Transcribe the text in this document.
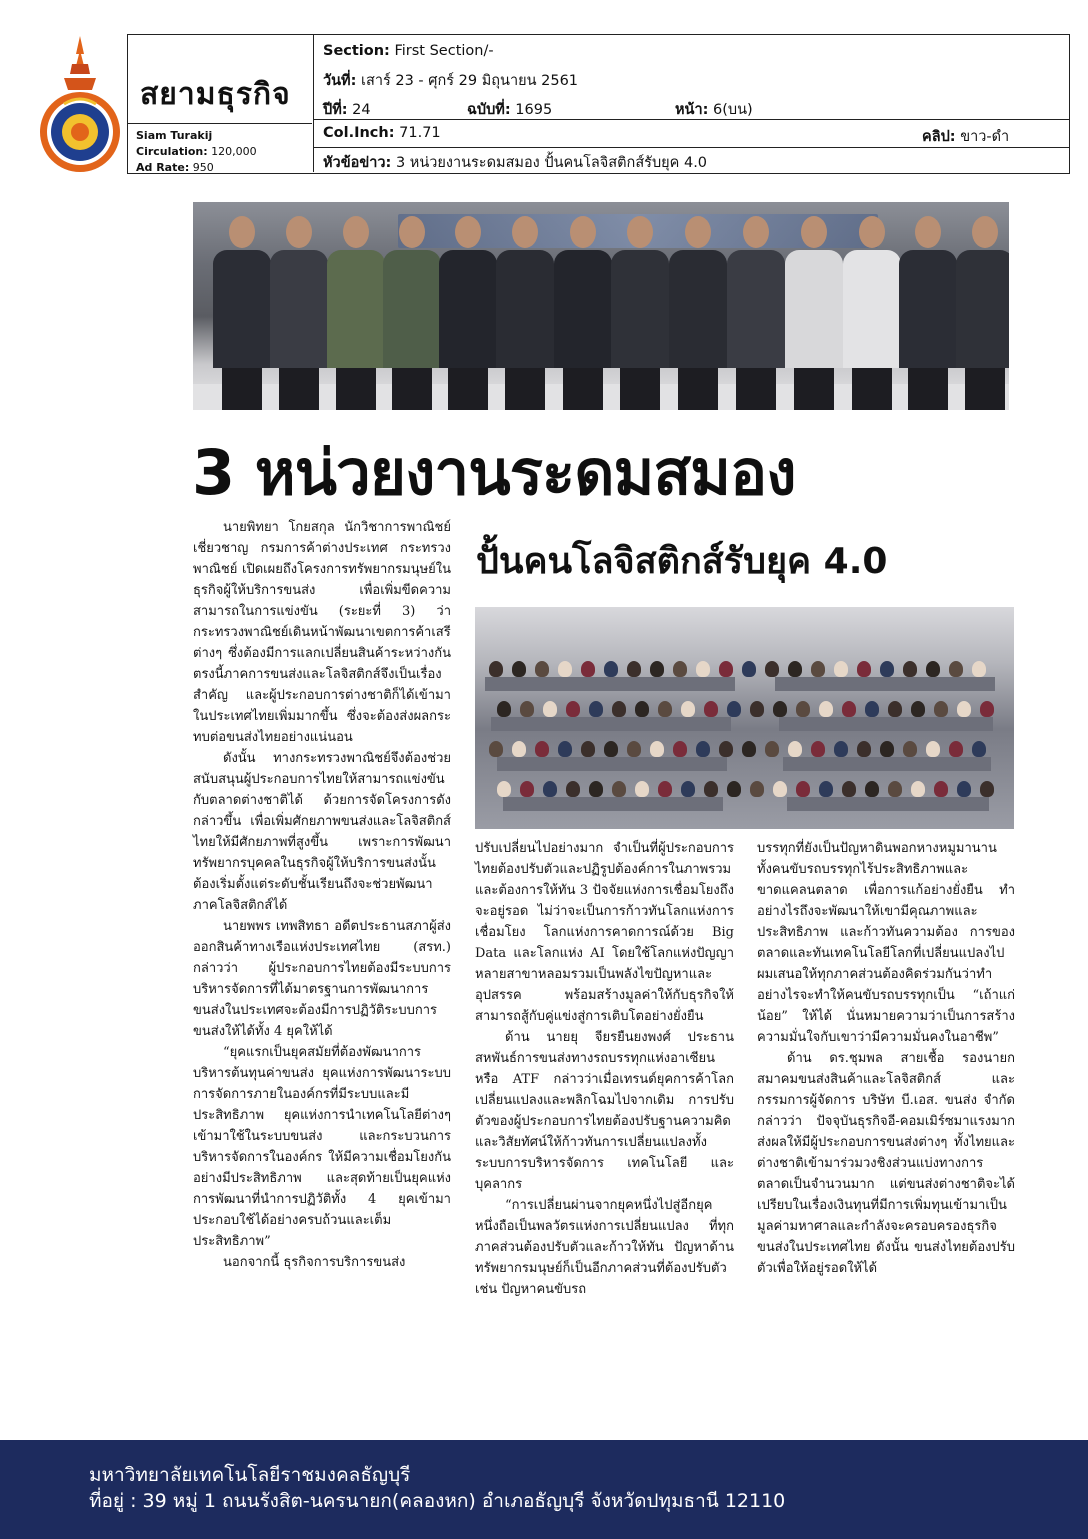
สยามธุรกิจ
Siam Turakij
Circulation: 120,000
Ad Rate: 950
Section: First Section/-
วันที่: เสาร์ 23 - ศุกร์ 29 มิถุนายน 2561
ปีที่: 24	ฉบับที่: 1695	หน้า: 6(บน)
Col.Inch: 71.71	คลิป: ขาว-ดำ
หัวข้อข่าว: 3 หน่วยงานระดมสมอง ปั้นคนโลจิสติกส์รับยุค 4.0
3 หน่วยงานระดมสมอง
ปั้นคนโลจิสติกส์รับยุค 4.0

นายพิทยา โกยสกุล นักวิชาการพาณิชย์เชี่ยวชาญ กรมการค้าต่างประเทศ กระทรวงพาณิชย์ เปิดเผยถึงโครงการทรัพยากรมนุษย์ในธุรกิจผู้ให้บริการขนส่ง เพื่อเพิ่มขีดความสามารถในการแข่งขัน (ระยะที่ 3) ว่า กระทรวงพาณิชย์เดินหน้าพัฒนาเขตการค้าเสรีต่างๆ ซึ่งต้องมีการแลกเปลี่ยนสินค้าระหว่างกัน ตรงนี้ภาคการขนส่งและโลจิสติกส์จึงเป็นเรื่องสำคัญ และผู้ประกอบการต่างชาติก็ได้เข้ามาในประเทศไทยเพิ่มมากขึ้น ซึ่งจะต้องส่งผลกระทบต่อขนส่งไทยอย่างแน่นอน

ดังนั้น ทางกระทรวงพาณิชย์จึงต้องช่วยสนับสนุนผู้ประกอบการไทยให้สามารถแข่งขันกับตลาดต่างชาติได้ ด้วยการจัดโครงการดังกล่าวขึ้น เพื่อเพิ่มศักยภาพขนส่งและโลจิสติกส์ไทยให้มีศักยภาพที่สูงขึ้น เพราะการพัฒนาทรัพยากรบุคคลในธุรกิจผู้ให้บริการขนส่งนั้น ต้องเริ่มตั้งแต่ระดับชั้นเรียนถึงจะช่วยพัฒนาภาคโลจิสติกส์ได้

นายพพร เทพสิทธา อดีตประธานสภาผู้ส่งออกสินค้าทางเรือแห่งประเทศไทย (สรท.) กล่าวว่า ผู้ประกอบการไทยต้องมีระบบการบริหารจัดการที่ได้มาตรฐานการพัฒนาการขนส่งในประเทศจะต้องมีการปฏิวัติระบบการขนส่งให้ได้ทั้ง 4 ยุคให้ได้

“ยุคแรกเป็นยุคสมัยที่ต้องพัฒนาการบริหารต้นทุนค่าขนส่ง ยุคแห่งการพัฒนาระบบการจัดการภายในองค์กรที่มีระบบและมีประสิทธิภาพ ยุคแห่งการนำเทคโนโลยีต่างๆ เข้ามาใช้ในระบบขนส่ง และกระบวนการบริหารจัดการในองค์กร ให้มีความเชื่อมโยงกันอย่างมีประสิทธิภาพ และสุดท้ายเป็นยุคแห่งการพัฒนาที่นำการปฏิวัติทั้ง 4 ยุคเข้ามาประกอบใช้ได้อย่างครบถ้วนและเต็มประสิทธิภาพ”

นอกจากนี้ ธุรกิจการบริการขนส่ง

ปรับเปลี่ยนไปอย่างมาก จำเป็นที่ผู้ประกอบการไทยต้องปรับตัวและปฏิรูปต้องค์การในภาพรวม และต้องการให้ทัน 3 ปัจจัยแห่งการเชื่อมโยงถึงจะอยู่รอด ไม่ว่าจะเป็นการก้าวทันโลกแห่งการเชื่อมโยง โลกแห่งการคาดการณ์ด้วย Big Data และโลกแห่ง AI โดยใช้โลกแห่งปัญญาหลายสาขาหลอมรวมเป็นพลังไขปัญหาและอุปสรรค พร้อมสร้างมูลค่าให้กับธุรกิจให้สามารถสู้กับคู่แข่งสู่การเติบโตอย่างยั่งยืน

ด้าน นายยุ จียรยืนยงพงศ์ ประธานสหพันธ์การขนส่งทางรถบรรทุกแห่งอาเซียน หรือ ATF กล่าวว่าเมื่อเทรนด์ยุคการค้าโลกเปลี่ยนแปลงและพลิกโฉมไปจากเดิม การปรับตัวของผู้ประกอบการไทยต้องปรับฐานความคิดและวิสัยทัศน์ให้ก้าวทันการเปลี่ยนแปลงทั้งระบบการบริหารจัดการ เทคโนโลยี และบุคลากร

“การเปลี่ยนผ่านจากยุคหนึ่งไปสู่อีกยุคหนึ่งถือเป็นพลวัตรแห่งการเปลี่ยนแปลง ที่ทุกภาคส่วนต้องปรับตัวและก้าวให้ทัน ปัญหาด้านทรัพยากรมนุษย์ก็เป็นอีกภาคส่วนที่ต้องปรับตัว เช่น ปัญหาคนขับรถ

บรรทุกที่ยังเป็นปัญหาดินพอกหางหมูมานาน ทั้งคนขับรถบรรทุกไร้ประสิทธิภาพและขาดแคลนตลาด เพื่อการแก้อย่างยั่งยืน ทำอย่างไรถึงจะพัฒนาให้เขามีคุณภาพและประสิทธิภาพ และก้าวทันความต้อง การของตลาดและทันเทคโนโลยีโลกที่เปลี่ยนแปลงไป ผมเสนอให้ทุกภาคส่วนต้องคิดร่วมกันว่าทำอย่างไรจะทำให้คนขับรถบรรทุกเป็น “เถ้าแก่น้อย” ให้ได้ นั่นหมายความว่าเป็นการสร้างความมั่นใจกับเขาว่ามีความมั่นคงในอาชีพ”

ด้าน ดร.ชุมพล สายเชื้อ รองนายกสมาคมขนส่งสินค้าและโลจิสติกส์ และกรรมการผู้จัดการ บริษัท บี.เอส. ขนส่ง จำกัด กล่าวว่า ปัจจุบันธุรกิจอี-คอมเมิร์ซมาแรงมาก ส่งผลให้มีผู้ประกอบการขนส่งต่างๆ ทั้งไทยและต่างชาติเข้ามาร่วมวงชิงส่วนแบ่งทางการตลาดเป็นจำนวนมาก แต่ขนส่งต่างชาติจะได้เปรียบในเรื่องเงินทุนที่มีการเพิ่มทุนเข้ามาเป็นมูลค่ามหาศาลและกำลังจะครอบครองธุรกิจขนส่งในประเทศไทย ดังนั้น ขนส่งไทยต้องปรับตัวเพื่อให้อยู่รอดให้ได้

มหาวิทยาลัยเทคโนโลยีราชมงคลธัญบุรี
ที่อยู่ : 39 หมู่ 1 ถนนรังสิต-นครนายก(คลองหก) อำเภอธัญบุรี จังหวัดปทุมธานี 12110
